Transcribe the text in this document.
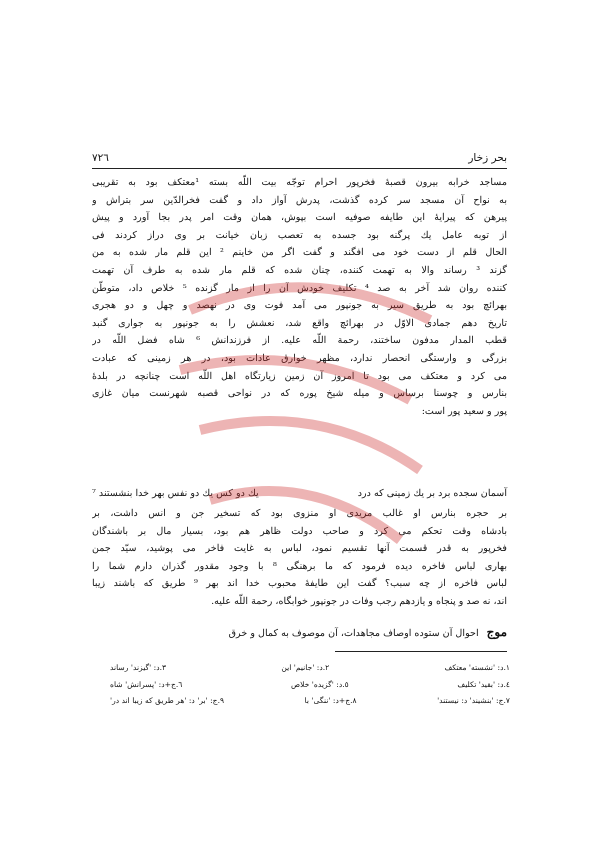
۷۲٦	بحر زخار
مساجد خرابه بیرون قصبهٔ فخرپور احرام توجّه بیت اللّه بسته ¹معتکف بود به تقریبی
به نواح آن مسجد سر کرده گذشت، پدرش آواز داد و گفت فخرالدّین سر بتراش و
پیرهن که پیرایهٔ این طایفه صوفیه است بپوش، همان وقت امر پدر بجا آورد و پیش
از توبه عامل یك پرگنه بود جسده به تعصب زبان خیانت بر وی دراز کردند فی
الحال قلم از دست خود می افگند و گفت اگر من خاینم ² این قلم مار شده به من
گزند ³ رساند والا به تهمت کننده، چنان شده که قلم مار شده به طرف آن تهمت
کننده روان شد آخر به صد ⁴ تکلیف خودش آن را از مار گزنده ⁵ خلاص داد، متوطّن
بهرائچ بود به طریق سیر به جونپور می آمد فوت وی در نهصد و چهل و دو هجری
تاریخ دهم جمادی الاوّل در بهرائچ واقع شد، نعشش را به جونپور به جواری گنبد
قطب المدار مدفون ساختند، رحمة اللّه علیه. از فرزندانش ⁶ شاه فضل اللّه در
بزرگی و وارستگی انحصار ندارد، مظهر خوارق عادات بود، در هر زمینی که عبادت
می کرد و معتکف می بود تا امروز آن زمین زیارتگاه اهل اللّه است چنانچه در بلدهٔ
بنارس و چوسنا برساس و میله شیخ پوره که در نواحی قصبه شهرنست میان غازی
پور و سعید پور است:
آسمان سجده برد بر یك زمینی که درد
یك دو کس یك دو نفس بهر خدا بنشستند ⁷
بر حجره بنارس او غالب مریدی او منزوی بود که تسخیر جن و انس داشت، بر
بادشاه وقت تحکم می کرد و صاحب دولت ظاهر هم بود، بسیار مال بر باشندگان
فخرپور به قدر قسمت آنها تقسیم نمود، لباس به غایت فاخر می پوشید، سیّد جمن
بهاری لباس فاخره دیده فرمود که ما برهنگی ⁸ با وجود مقدور گذران دارم شما را
لباس فاخره از چه سبب؟ گفت این طایفهٔ محبوب خدا اند بهر ⁹ طریق که باشند زیبا
اند، نه صد و پنجاه و یازدهم رجب وفات در جونپور خوابگاه، رحمة اللّه علیه.
موج
احوال آن ستوده اوصاف مجاهدات، آن موصوف به کمال و خرق
١.د: 'نشسته' معتکف
٢.د: 'جانیم' این
٣.د: 'گیزند' رساند
٤.د: 'بقید' تکلیف
٥.د: 'گزیده' خلاص
٦.ج+د: 'پسرانش' شاه
٧.ج: 'بنشیند' د: نیستند'
٨.ج+د: 'ننگی' با
٩.ج: 'بر' د: 'هر طریق که زیبا اند در'
